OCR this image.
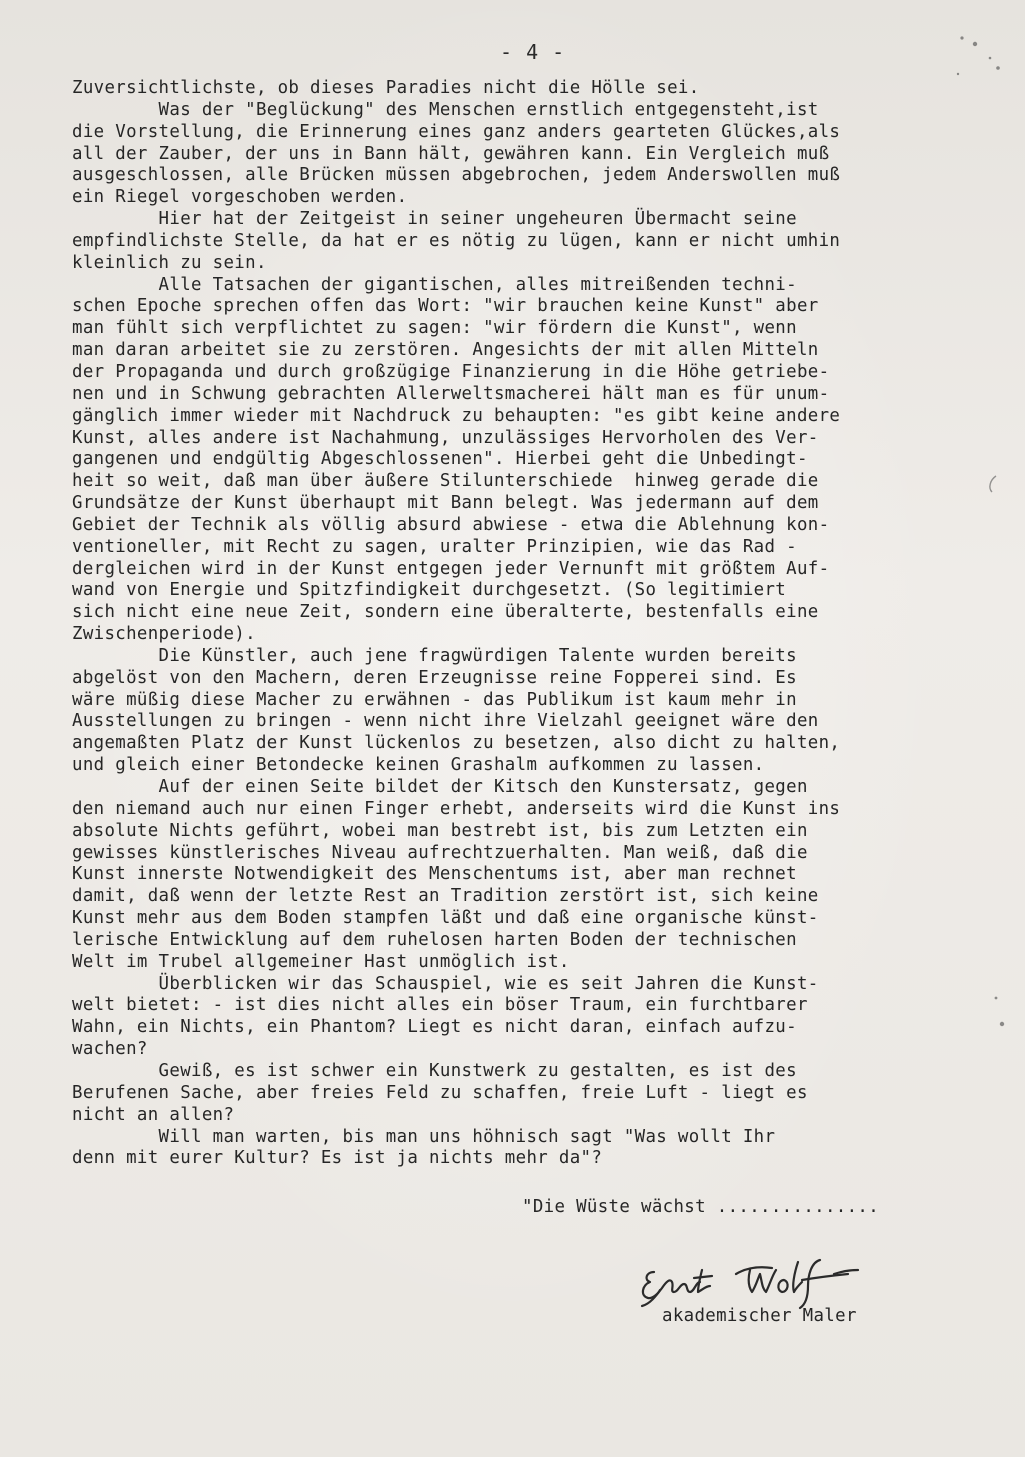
- 4 -
Zuversichtlichste, ob dieses Paradies nicht die Hölle sei.
Was der "Beglückung" des Menschen ernstlich entgegensteht,ist
die Vorstellung, die Erinnerung eines ganz anders gearteten Glückes,als
all der Zauber, der uns in Bann hält, gewähren kann. Ein Vergleich muß
ausgeschlossen, alle Brücken müssen abgebrochen, jedem Anderswollen muß
ein Riegel vorgeschoben werden.
Hier hat der Zeitgeist in seiner ungeheuren Übermacht seine
empfindlichste Stelle, da hat er es nötig zu lügen, kann er nicht umhin
kleinlich zu sein.
Alle Tatsachen der gigantischen, alles mitreißenden techni-
schen Epoche sprechen offen das Wort: "wir brauchen keine Kunst" aber
man fühlt sich verpflichtet zu sagen: "wir fördern die Kunst", wenn
man daran arbeitet sie zu zerstören. Angesichts der mit allen Mitteln
der Propaganda und durch großzügige Finanzierung in die Höhe getriebe-
nen und in Schwung gebrachten Allerweltsmacherei hält man es für unum-
gänglich immer wieder mit Nachdruck zu behaupten: "es gibt keine andere
Kunst, alles andere ist Nachahmung, unzulässiges Hervorholen des Ver-
gangenen und endgültig Abgeschlossenen". Hierbei geht die Unbedingt-
heit so weit, daß man über äußere Stilunterschiede  hinweg gerade die
Grundsätze der Kunst überhaupt mit Bann belegt. Was jedermann auf dem
Gebiet der Technik als völlig absurd abwiese - etwa die Ablehnung kon-
ventioneller, mit Recht zu sagen, uralter Prinzipien, wie das Rad -
dergleichen wird in der Kunst entgegen jeder Vernunft mit größtem Auf-
wand von Energie und Spitzfindigkeit durchgesetzt. (So legitimiert
sich nicht eine neue Zeit, sondern eine überalterte, bestenfalls eine
Zwischenperiode).
Die Künstler, auch jene fragwürdigen Talente wurden bereits
abgelöst von den Machern, deren Erzeugnisse reine Fopperei sind. Es
wäre müßig diese Macher zu erwähnen - das Publikum ist kaum mehr in
Ausstellungen zu bringen - wenn nicht ihre Vielzahl geeignet wäre den
angemaßten Platz der Kunst lückenlos zu besetzen, also dicht zu halten,
und gleich einer Betondecke keinen Grashalm aufkommen zu lassen.
Auf der einen Seite bildet der Kitsch den Kunstersatz, gegen
den niemand auch nur einen Finger erhebt, anderseits wird die Kunst ins
absolute Nichts geführt, wobei man bestrebt ist, bis zum Letzten ein
gewisses künstlerisches Niveau aufrechtzuerhalten. Man weiß, daß die
Kunst innerste Notwendigkeit des Menschentums ist, aber man rechnet
damit, daß wenn der letzte Rest an Tradition zerstört ist, sich keine
Kunst mehr aus dem Boden stampfen läßt und daß eine organische künst-
lerische Entwicklung auf dem ruhelosen harten Boden der technischen
Welt im Trubel allgemeiner Hast unmöglich ist.
Überblicken wir das Schauspiel, wie es seit Jahren die Kunst-
welt bietet: - ist dies nicht alles ein böser Traum, ein furchtbarer
Wahn, ein Nichts, ein Phantom? Liegt es nicht daran, einfach aufzu-
wachen?
Gewiß, es ist schwer ein Kunstwerk zu gestalten, es ist des
Berufenen Sache, aber freies Feld zu schaffen, freie Luft - liegt es
nicht an allen?
Will man warten, bis man uns höhnisch sagt "Was wollt Ihr
denn mit eurer Kultur? Es ist ja nichts mehr da"?
"Die Wüste wächst ...............
akademischer Maler
